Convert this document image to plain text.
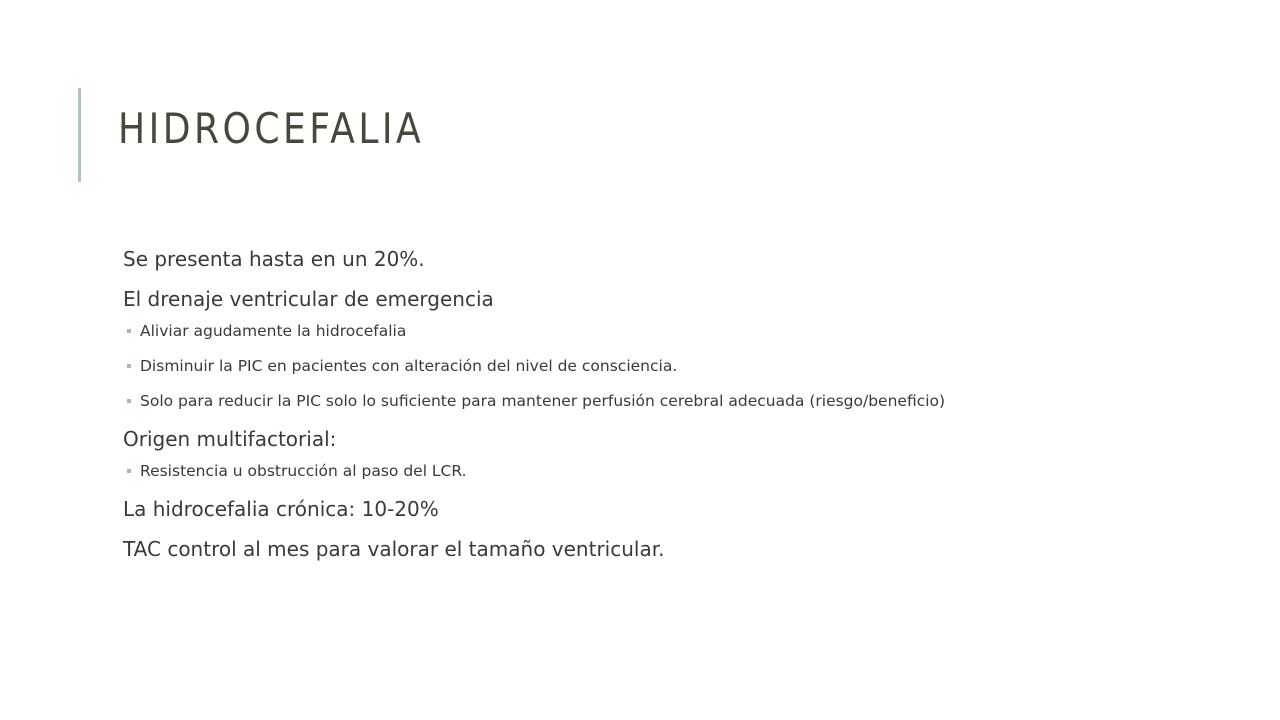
HIDROCEFALIA
Se presenta hasta en un 20%.
El drenaje ventricular de emergencia
Aliviar agudamente la hidrocefalia
Disminuir la PIC en pacientes con alteración del nivel de consciencia.
Solo para reducir la PIC solo lo suficiente para mantener perfusión cerebral adecuada (riesgo/beneficio)
Origen multifactorial:
Resistencia u obstrucción al paso del LCR.
La hidrocefalia crónica: 10-20%
TAC control al mes para valorar el tamaño ventricular.
